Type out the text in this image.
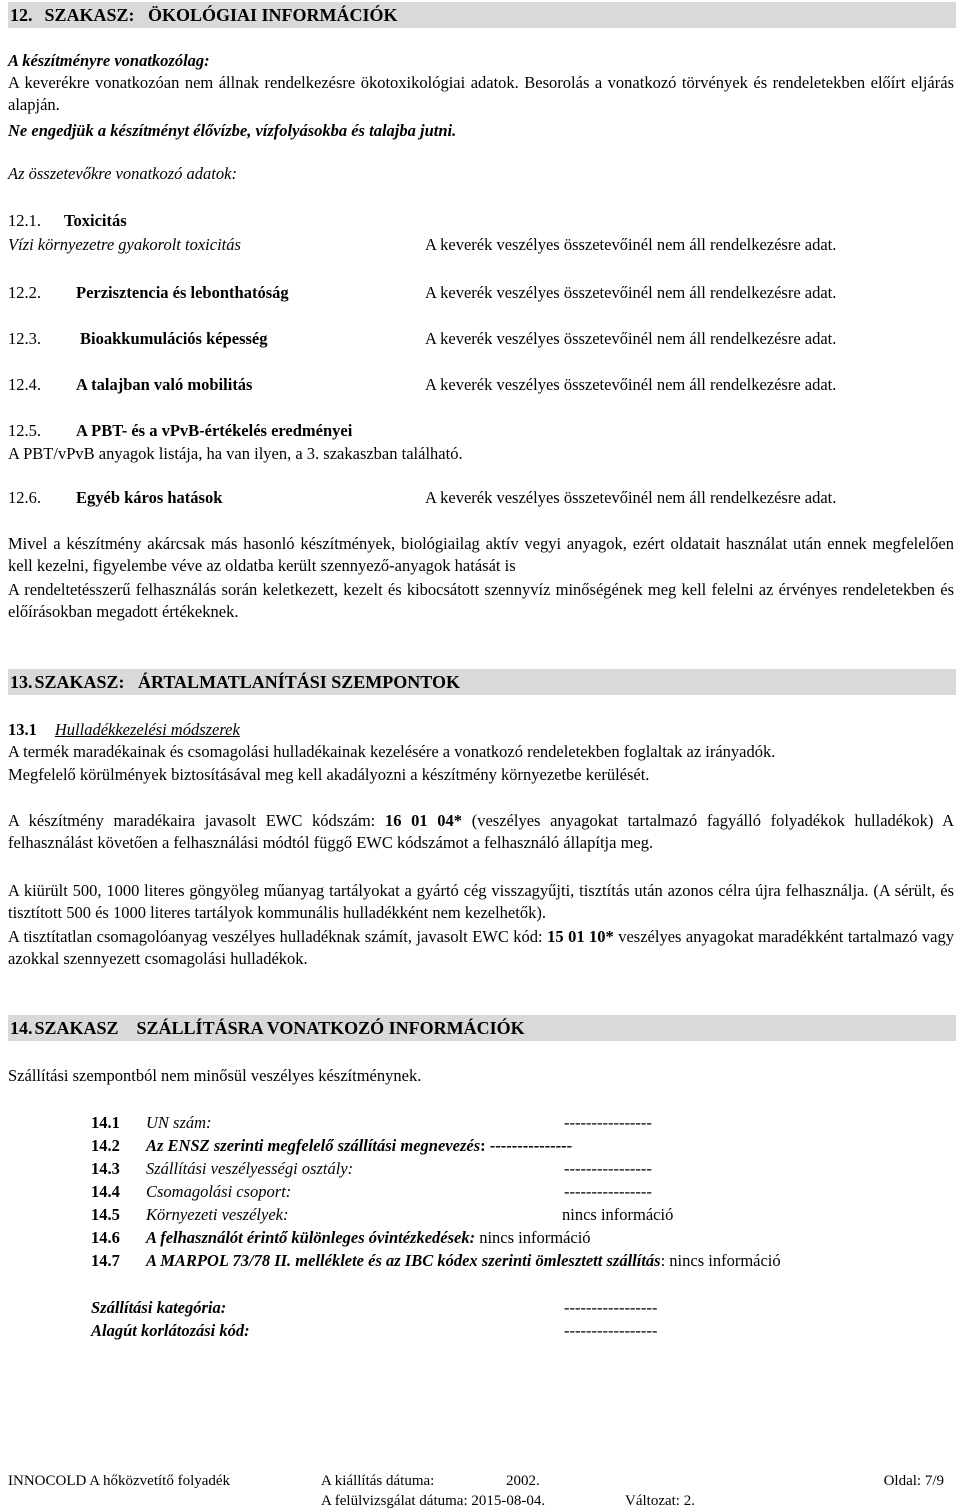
12. SZAKASZ:   ÖKOLÓGIAI INFORMÁCIÓK
A készítményre vonatkozólag:
A keverékre vonatkozóan nem állnak rendelkezésre ökotoxikológiai adatok. Besorolás a vonatkozó törvények és rendeletekben előírt eljárás alapján.
Ne engedjük a készítményt élővízbe, vízfolyásokba és talajba jutni.
Az összetevőkre vonatkozó adatok:
12.1. Toxicitás
Vízi környezetre gyakorolt toxicitás	A keverék veszélyes összetevőinél nem áll rendelkezésre adat.
12.2. Perzisztencia és lebonthatóság	A keverék veszélyes összetevőinél nem áll rendelkezésre adat.
12.3. Bioakkumulációs képesség	A keverék veszélyes összetevőinél nem áll rendelkezésre adat.
12.4. A talajban való mobilitás	A keverék veszélyes összetevőinél nem áll rendelkezésre adat.
12.5. A PBT- és a vPvB-értékelés eredményei
A PBT/vPvB anyagok listája, ha van ilyen, a 3. szakaszban található.
12.6. Egyéb káros hatások	A keverék veszélyes összetevőinél nem áll rendelkezésre adat.
Mivel a készítmény akárcsak más hasonló készítmények, biológiailag aktív vegyi anyagok, ezért oldatait használat után ennek megfelelően kell kezelni, figyelembe véve az oldatba került szennyező-anyagok hatását is
A rendeltetésszerű felhasználás során keletkezett, kezelt és kibocsátott szennyvíz minőségének meg kell felelni az érvényes rendeletekben és előírásokban megadott értékeknek.
13. SZAKASZ:   ÁRTALMATLANÍTÁSI SZEMPONTOK
13.1 Hulladékkezelési módszerek
A termék maradékainak és csomagolási hulladékainak kezelésére a vonatkozó rendeletekben foglaltak az irányadók.
Megfelelő körülmények biztosításával meg kell akadályozni a készítmény környezetbe kerülését.
A készítmény maradékaira javasolt EWC kódszám: 16 01 04* (veszélyes anyagokat tartalmazó fagyálló folyadékok hulladékok) A felhasználást követően a felhasználási módtól függő EWC kódszámot a felhasználó állapítja meg.
A kiürült 500, 1000 literes göngyöleg műanyag tartályokat a gyártó cég visszagyűjti, tisztítás után azonos célra újra felhasználja. (A sérült, és tisztított 500 és 1000 literes tartályok kommunális hulladékként nem kezelhetők).
A tisztítatlan csomagolóanyag veszélyes hulladéknak számít, javasolt EWC kód: 15 01 10* veszélyes anyagokat maradékként tartalmazó vagy azokkal szennyezett csomagolási hulladékok.
14. SZAKASZ    SZÁLLÍTÁSRA VONATKOZÓ INFORMÁCIÓK
Szállítási szempontból nem minősül veszélyes készítménynek.
14.1 UN szám:	----------------
14.2 Az ENSZ szerinti megfelelő szállítási megnevezés: ---------------
14.3 Szállítási veszélyességi osztály:	----------------
14.4 Csomagolási csoport:	----------------
14.5 Környezeti veszélyek:	nincs információ
14.6 A felhasználót érintő különleges óvintézkedések: nincs információ
14.7 A MARPOL 73/78 II. melléklete és az IBC kódex szerinti ömlesztett szállítás: nincs információ
Szállítási kategória:	-----------------
Alagút korlátozási kód:	-----------------
INNOCOLD A hőközvetítő folyadék	A kiállítás dátuma:	2002.	Oldal: 7/9
A felülvizsgálat dátuma: 2015-08-04.	Változat: 2.
